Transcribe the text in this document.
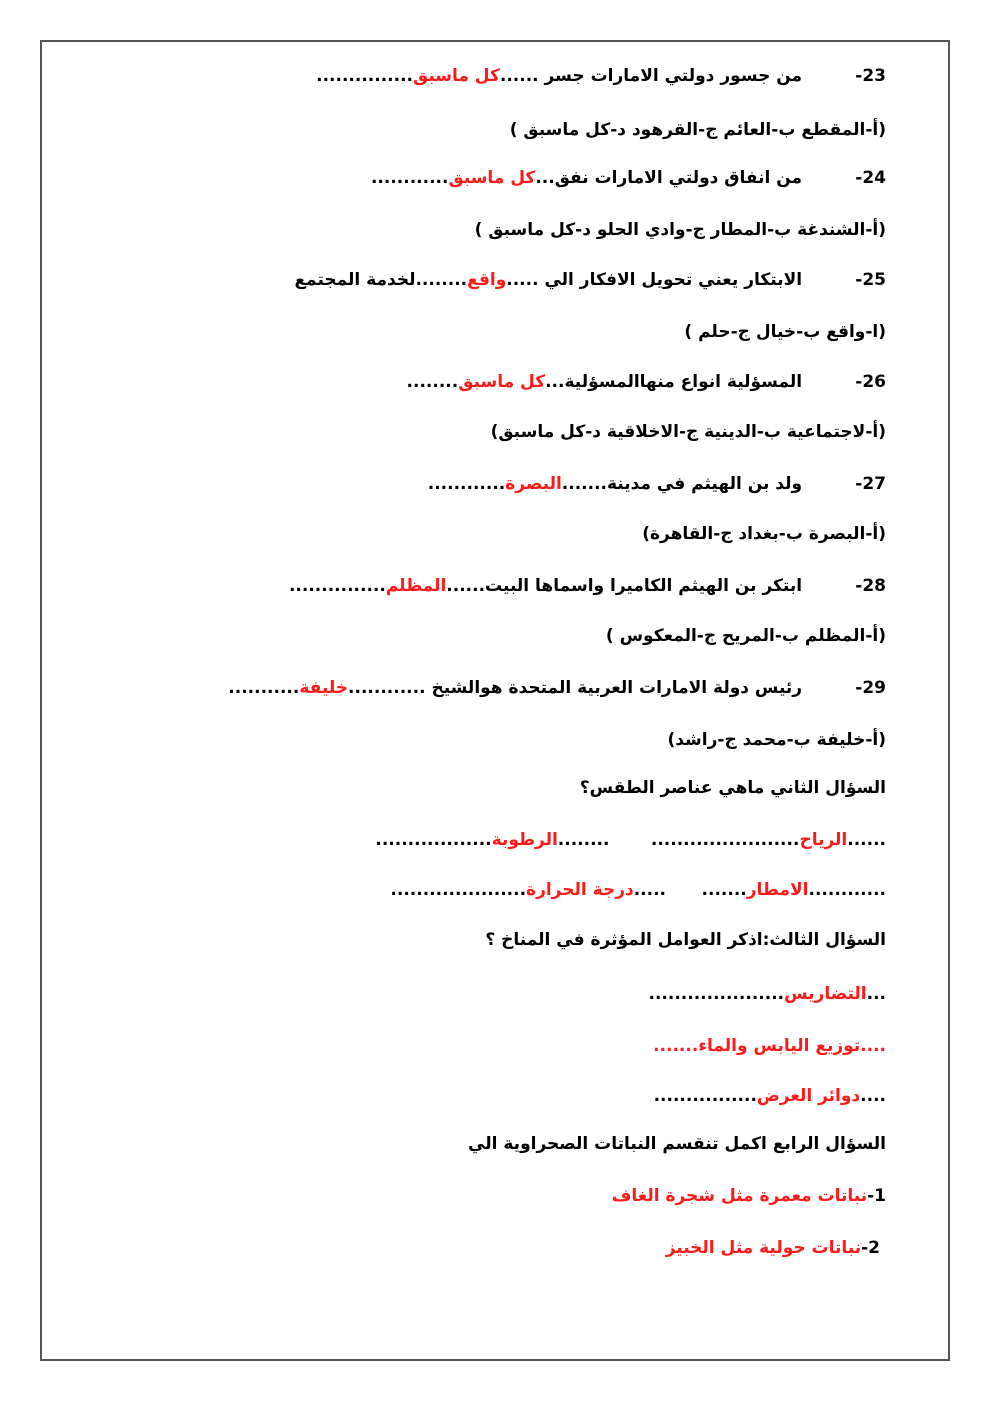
-23 من جسور دولتي الامارات جسر ......كل ماسبق...............
(أ-المقطع ب-العائم ج-القرهود د-كل ماسبق )
-24 من انفاق دولتي الامارات نفق...كل ماسبق............
(أ-الشندغة ب-المطار ج-وادي الحلو د-كل ماسبق )
-25 الابتكار يعني تحويل الافكار الي .....واقع........لخدمة المجتمع
(ا-واقع ب-خيال ج-حلم )
-26 المسؤلية انواع منهاالمسؤلية...كل ماسبق........
(أ-لاجتماعية ب-الدينية ج-الاخلاقية د-كل ماسبق)
-27 ولد بن الهيثم في مدينة.......البصرة............
(أ-البصرة ب-بغداد ج-القاهرة)
-28 ابتكر بن الهيثم الكاميرا واسماها البيت......المظلم...............
(أ-المظلم ب-المريح ج-المعكوس )
-29 رئيس دولة الامارات العربية المتحدة هوالشيخ ............خليفة...........
(أ-خليفة ب-محمد ج-راشد)
السؤال الثاني ماهي عناصر الطقس؟
......الرياح.......................       ........الرطوبة..................
............الامطار.......      .....درجة الحرارة.....................
السؤال الثالث:اذكر العوامل المؤثرة في المناخ ؟
...التضاريس.....................
....توزيع اليابس والماء.......
....دوائر العرض................
السؤال الرابع اكمل تنقسم النباتات الصحراوية الي
-1نباتات معمرة مثل شجرة الغاف
-2نباتات حولية مثل الخبيز
